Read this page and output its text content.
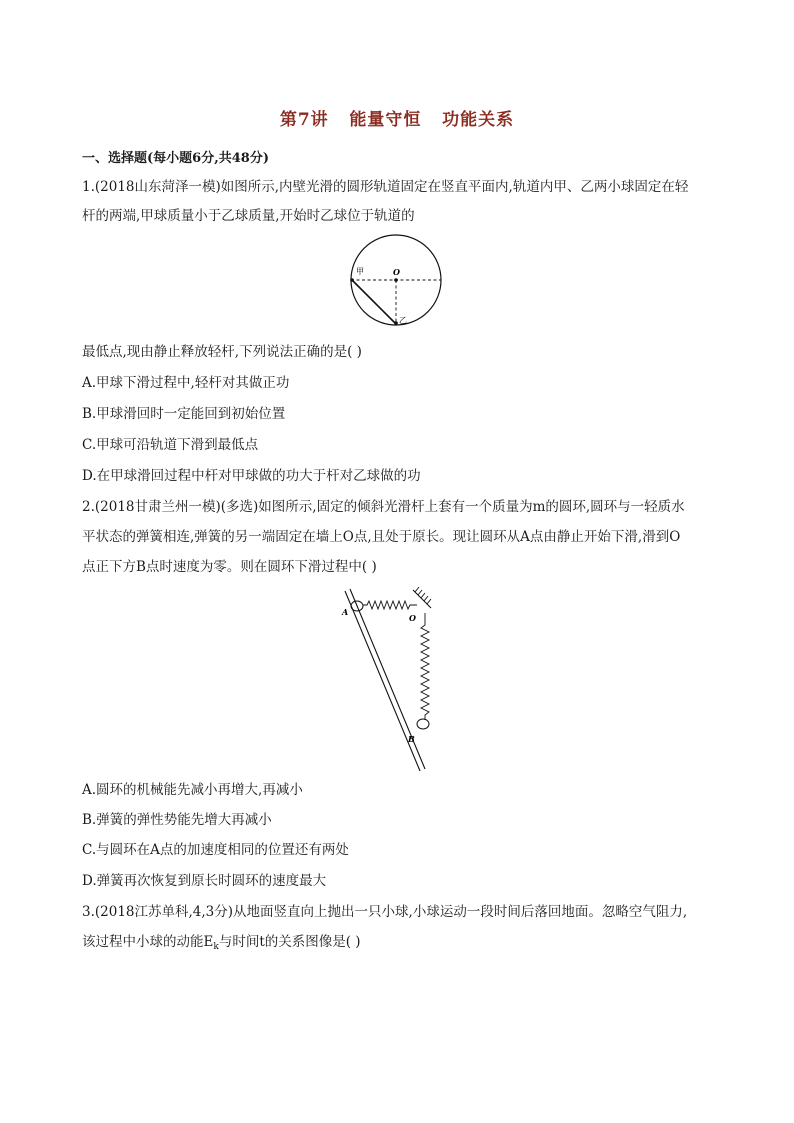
第7讲   能量守恒   功能关系
一、选择题(每小题6分,共48分)
1.(2018山东菏泽一模)如图所示,内壁光滑的圆形轨道固定在竖直平面内,轨道内甲、乙两小球固定在轻
杆的两端,甲球质量小于乙球质量,开始时乙球位于轨道的
甲	O
乙
最低点,现由静止释放轻杆,下列说法正确的是( )
A.甲球下滑过程中,轻杆对其做正功
B.甲球滑回时一定能回到初始位置
C.甲球可沿轨道下滑到最低点
D.在甲球滑回过程中杆对甲球做的功大于杆对乙球做的功
2.(2018甘肃兰州一模)(多选)如图所示,固定的倾斜光滑杆上套有一个质量为m的圆环,圆环与一轻质水
平状态的弹簧相连,弹簧的另一端固定在墙上O点,且处于原长。现让圆环从A点由静止开始下滑,滑到O
点正下方B点时速度为零。则在圆环下滑过程中( )
A
O
B
A.圆环的机械能先减小再增大,再减小
B.弹簧的弹性势能先增大再减小
C.与圆环在A点的加速度相同的位置还有两处
D.弹簧再次恢复到原长时圆环的速度最大
3.(2018江苏单科,4,3分)从地面竖直向上抛出一只小球,小球运动一段时间后落回地面。忽略空气阻力,
该过程中小球的动能$E_k$与时间t的关系图像是( )
